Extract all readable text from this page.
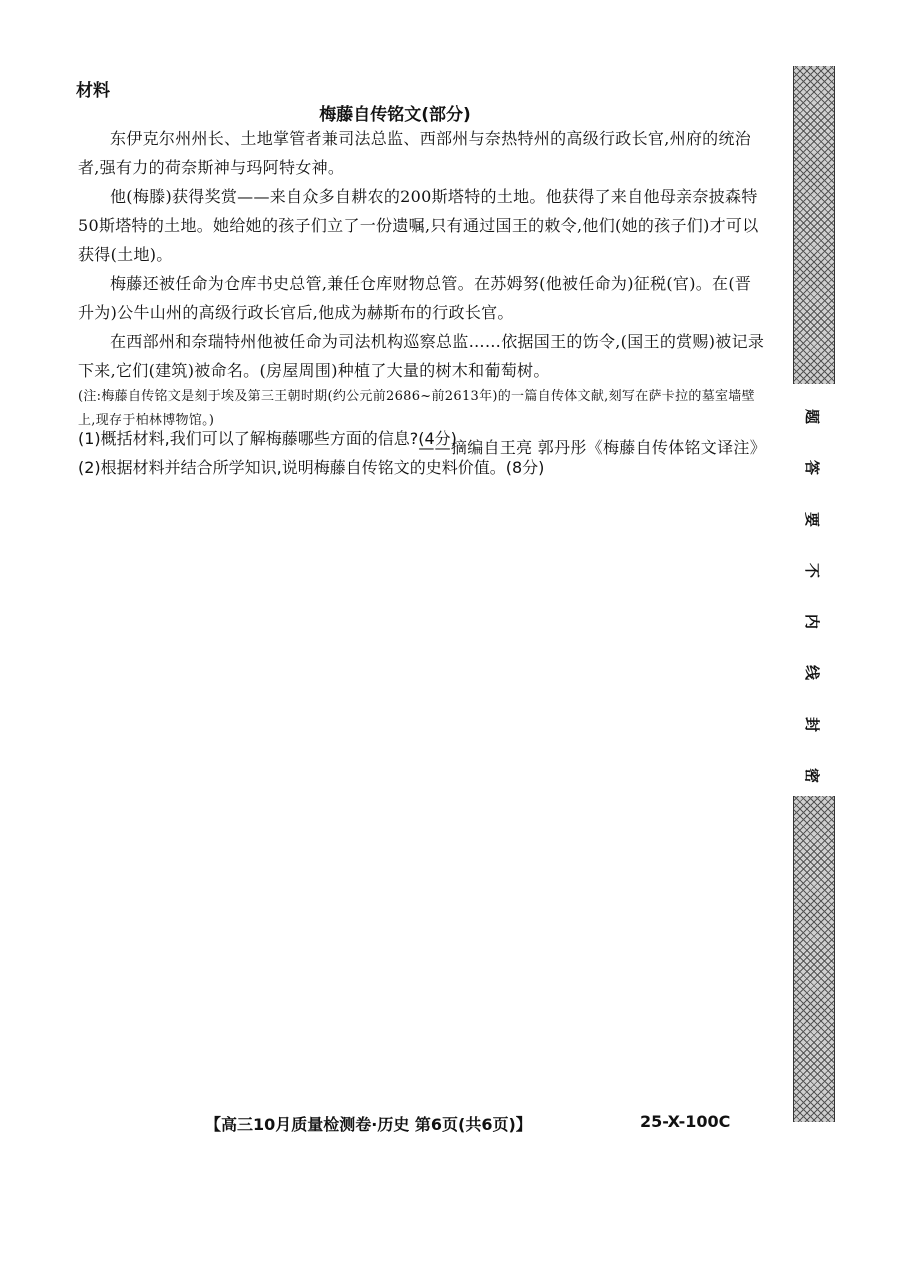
材料
梅藤自传铭文(部分)

东伊克尔州州长、土地掌管者兼司法总监、西部州与奈热特州的高级行政长官,州府的统治者,强有力的荷奈斯神与玛阿特女神。

他(梅滕)获得奖赏——来自众多自耕农的200斯塔特的土地。他获得了来自他母亲奈披森特50斯塔特的土地。她给她的孩子们立了一份遗嘱,只有通过国王的敕令,他们(她的孩子们)才可以获得(土地)。

梅藤还被任命为仓库书史总管,兼任仓库财物总管。在苏姆努(他被任命为)征税(官)。在(晋升为)公牛山州的高级行政长官后,他成为赫斯布的行政长官。

在西部州和奈瑞特州他被任命为司法机构巡察总监……依据国王的饬令,(国王的赏赐)被记录下来,它们(建筑)被命名。(房屋周围)种植了大量的树木和葡萄树。

(注:梅藤自传铭文是刻于埃及第三王朝时期(约公元前2686~前2613年)的一篇自传体文献,刻写在萨卡拉的墓室墙壁上,现存于柏林博物馆。)

——摘编自王亮 郭丹彤《梅藤自传体铭文译注》

(1)概括材料,我们可以了解梅藤哪些方面的信息?(4分)

(2)根据材料并结合所学知识,说明梅藤自传铭文的史料价值。(8分)

【高三10月质量检测卷·历史 第6页(共6页)】	25-X-100C
题
答
要
不
内
线
封
密
